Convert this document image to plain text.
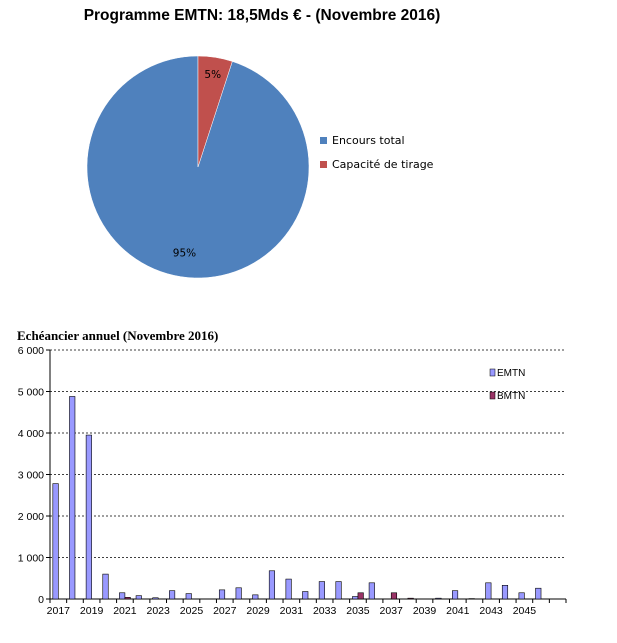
Programme EMTN: 18,5Mds € - (Novembre 2016)
95%
5%
Encours total
Capacité de tirage
Echéancier annuel (Novembre 2016)
0
1 000
2 000
3 000
4 000
5 000
6 000
2017 2019 2021 2023 2025 2027 2029 2031 2033 2035 2037 2039 2041 2043 2045
EMTN
BMTN
